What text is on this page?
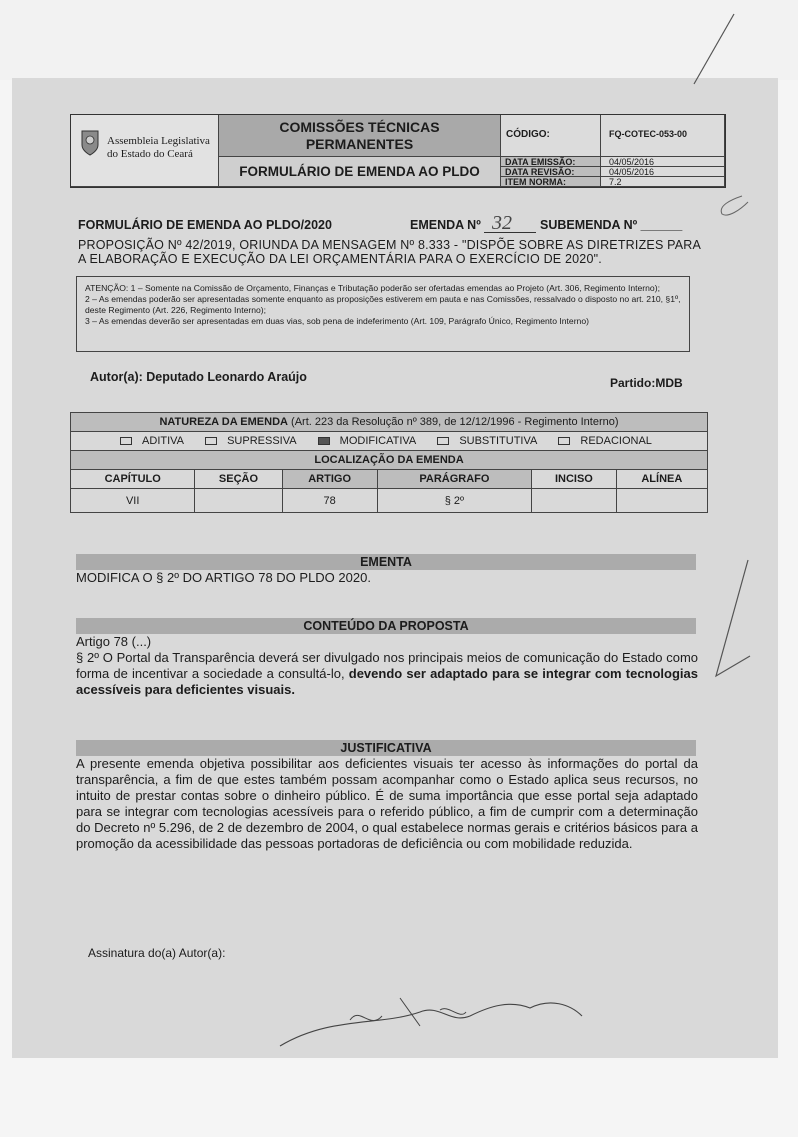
Assembleia Legislativa
do Estado do Ceará
COMISSÕES TÉCNICAS
PERMANENTES
FORMULÁRIO DE EMENDA AO PLDO
CÓDIGO:	FQ-COTEC-053-00
DATA EMISSÃO:	04/05/2016
DATA REVISÃO:	04/05/2016
ITEM NORMA:	7.2
FORMULÁRIO DE EMENDA AO PLDO/2020	EMENDA Nº 32 SUBEMENDA Nº ______
PROPOSIÇÃO Nº 42/2019, ORIUNDA DA MENSAGEM Nº 8.333 - "DISPÕE SOBRE AS DIRETRIZES PARA A ELABORAÇÃO E EXECUÇÃO DA LEI ORÇAMENTÁRIA PARA O EXERCÍCIO DE 2020".
ATENÇÃO: 1 – Somente na Comissão de Orçamento, Finanças e Tributação poderão ser ofertadas emendas ao Projeto (Art. 306, Regimento Interno);
2 – As emendas poderão ser apresentadas somente enquanto as proposições estiverem em pauta e nas Comissões, ressalvado o disposto no art. 210, §1º, deste Regimento (Art. 226, Regimento Interno);
3 – As emendas deverão ser apresentadas em duas vias, sob pena de indeferimento (Art. 109, Parágrafo Único, Regimento Interno)
Autor(a): Deputado Leonardo Araújo	Partido:MDB
NATUREZA DA EMENDA (Art. 223 da Resolução nº 389, de 12/12/1996 - Regimento Interno)					
ADITIVA SUPRESSIVA MODIFICATIVA SUBSTITUTIVA REDACIONAL					
LOCALIZAÇÃO DA EMENDA					
CAPÍTULO	SEÇÃO	ARTIGO	PARÁGRAFO	INCISO	ALÍNEA
VII		78	§ 2º		
EMENTA
MODIFICA O § 2º DO ARTIGO 78 DO PLDO 2020.
CONTEÚDO DA PROPOSTA
Artigo 78 (...)
§ 2º O Portal da Transparência deverá ser divulgado nos principais meios de comunicação do Estado como forma de incentivar a sociedade a consultá-lo, devendo ser adaptado para se integrar com tecnologias acessíveis para deficientes visuais.
JUSTIFICATIVA
A presente emenda objetiva possibilitar aos deficientes visuais ter acesso às informações do portal da transparência, a fim de que estes também possam acompanhar como o Estado aplica seus recursos, no intuito de prestar contas sobre o dinheiro público. É de suma importância que esse portal seja adaptado para se integrar com tecnologias acessíveis para o referido público, a fim de cumprir com a determinação do Decreto nº 5.296, de 2 de dezembro de 2004, o qual estabelece normas gerais e critérios básicos para a promoção da acessibilidade das pessoas portadoras de deficiência ou com mobilidade reduzida.
Assinatura do(a) Autor(a):
